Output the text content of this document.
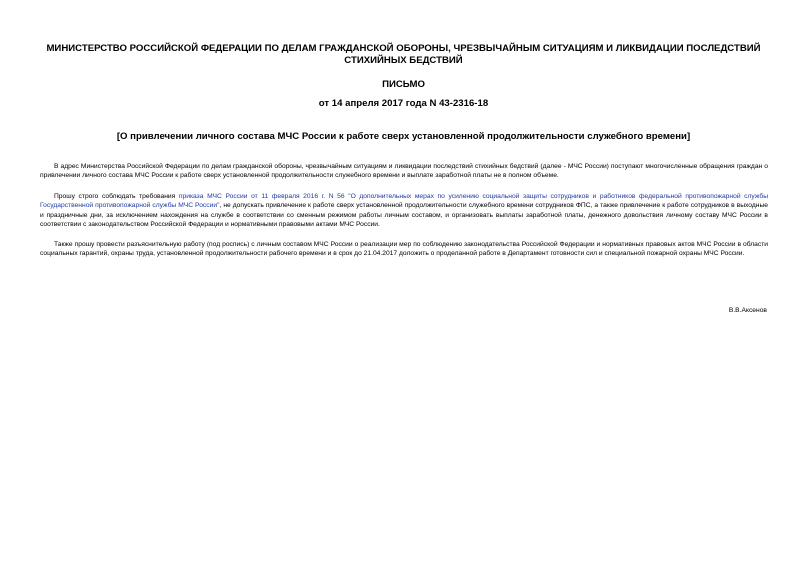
МИНИСТЕРСТВО РОССИЙСКОЙ ФЕДЕРАЦИИ ПО ДЕЛАМ ГРАЖДАНСКОЙ ОБОРОНЫ, ЧРЕЗВЫЧАЙНЫМ СИТУАЦИЯМ И ЛИКВИДАЦИИ ПОСЛЕДСТВИЙ СТИХИЙНЫХ БЕДСТВИЙ
ПИСЬМО
от 14 апреля 2017 года N 43-2316-18
[О привлечении личного состава МЧС России к работе сверх установленной продолжительности служебного времени]

В адрес Министерства Российской Федерации по делам гражданской обороны, чрезвычайным ситуациям и ликвидации последствий стихийных бедствий (далее - МЧС России) поступают многочисленные обращения граждан о привлечении личного состава МЧС России к работе сверх установленной продолжительности служебного времени и выплате заработной платы не в полном объеме.

Прошу строго соблюдать требования приказа МЧС России от 11 февраля 2016 г. N 56 "О дополнительных мерах по усилению социальной защиты сотрудников и работников федеральной противопожарной службы Государственной противопожарной службы МЧС России", не допускать привлечение к работе сверх установленной продолжительности служебного времени сотрудников ФПС, а также привлечение к работе сотрудников в выходные и праздничные дни, за исключением нахождения на службе в соответствии со сменным режимом работы личным составом, и организовать выплаты заработной платы, денежного довольствия личному составу МЧС России в соответствии с законодательством Российской Федерации и нормативными правовыми актами МЧС России.

Также прошу провести разъяснительную работу (под роспись) с личным составом МЧС России о реализации мер по соблюдению законодательства Российской Федерации и нормативных правовых актов МЧС России в области социальных гарантий, охраны труда, установленной продолжительности рабочего времени и в срок до 21.04.2017 доложить о проделанной работе в Департамент готовности сил и специальной пожарной охраны МЧС России.

В.В.Аксенов
